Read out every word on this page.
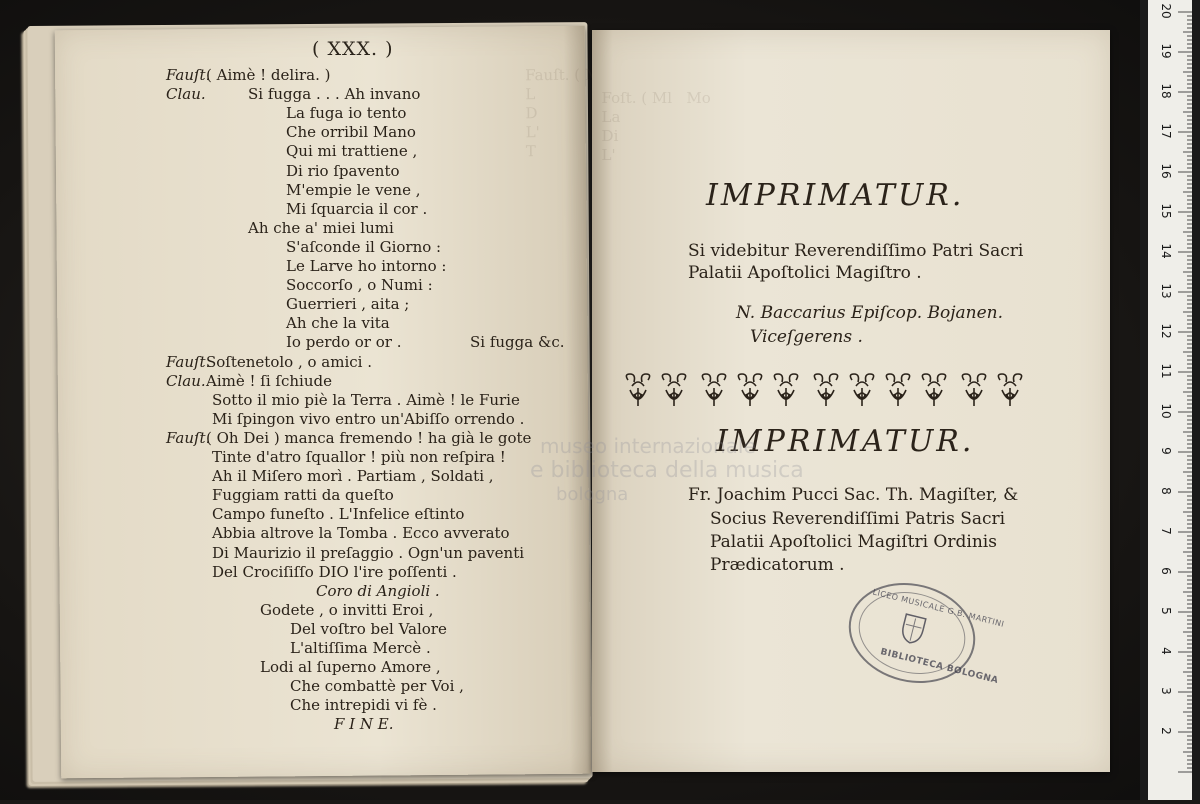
Fauſt. (
L
D
L'
T

Foſt. ( Ml   Mo
La
Di
L'
( XXX. )
Fauſt.
( Aimè ! delira. )
Clau.	Si fugga . . . Ah invano
La fuga io tento
Che orribil Mano
Qui mi trattiene ,
Di rio ſpavento
M'empie le vene ,
Mi ſquarcia il cor .
Ah che a' miei lumi
S'aſconde il Giorno :
Le Larve ho intorno :
Soccorſo , o Numi :
Guerrieri , aita ;
Ah che la vita
Io perdo or or .	Si fugga &c.
Fauſt.
Soſtenetolo , o amici .
Clau. Aimè ! ſi ſchiude
Sotto il mio piè la Terra . Aimè ! le Furie
Mi ſpingon vivo entro un'Abiſſo orrendo .
Fauſt.
( Oh Dei ) manca fremendo ! ha già le gote
Tinte d'atro ſquallor ! più non reſpira !
Ah il Miſero morì . Partiam , Soldati ,
Fuggiam ratti da queſto
Campo funeſto . L'Infelice eſtinto
Abbia altrove la Tomba . Ecco avverato
Di Maurizio il preſaggio . Ogn'un paventi
Del Crociſiſſo DIO l'ire poſſenti .
Coro di Angioli .
Godete , o invitti Eroi ,
Del voſtro bel Valore
L'altiſſima Mercè .
Lodi al ſuperno Amore ,
Che combattè per Voi ,
Che intrepidi vi fè .
F I N E.
IMPRIMATUR.
Si videbitur Reverendiſſimo Patri Sacri
Palatii Apoſtolici Magiſtro .
N. Baccarius Epiſcop. Bojanen.
Viceſgerens .
IMPRIMATUR.
Fr. Joachim Pucci Sac. Th. Magiſter, &
Socius Reverendiſſimi Patris Sacri
Palatii Apoſtolici Magiſtri Ordinis
Prædicatorum .
LICEO MUSICALE G.B. MARTINI
BIBLIOTECA BOLOGNA
museo internazionale
e biblioteca della musica
bologna
20
19
18
17
16
15
14
13
12
11
10
9
8
7
6
5
4
3
2
